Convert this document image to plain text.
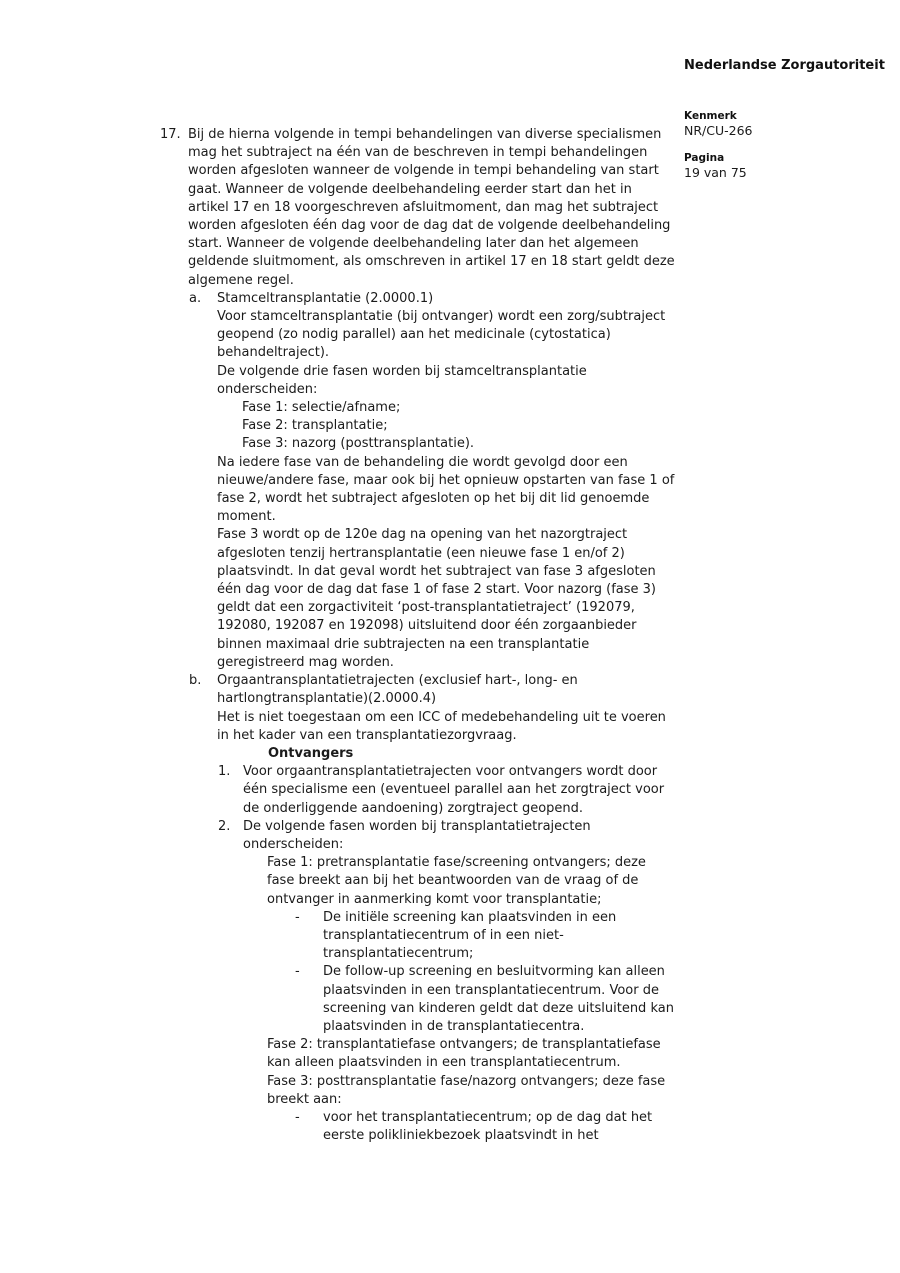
Nederlandse Zorgautoriteit
Kenmerk
NR/CU-266
Pagina
19 van 75
17. Bij de hierna volgende in tempi behandelingen van diverse specialismen mag het subtraject na één van de beschreven in tempi behandelingen worden afgesloten wanneer de volgende in tempi behandeling van start gaat. Wanneer de volgende deelbehandeling eerder start dan het in artikel 17 en 18 voorgeschreven afsluitmoment, dan mag het subtraject worden afgesloten één dag voor de dag dat de volgende deelbehandeling start. Wanneer de volgende deelbehandeling later dan het algemeen geldende sluitmoment, als omschreven in artikel 17 en 18 start geldt deze algemene regel.
a. Stamceltransplantatie (2.0000.1)
Voor stamceltransplantatie (bij ontvanger) wordt een zorg/subtraject geopend (zo nodig parallel) aan het medicinale (cytostatica) behandeltraject).
De volgende drie fasen worden bij stamceltransplantatie onderscheiden:
Fase 1: selectie/afname;
Fase 2: transplantatie;
Fase 3: nazorg (posttransplantatie).
Na iedere fase van de behandeling die wordt gevolgd door een nieuwe/andere fase, maar ook bij het opnieuw opstarten van fase 1 of fase 2, wordt het subtraject afgesloten op het bij dit lid genoemde moment.
Fase 3 wordt op de 120e dag na opening van het nazorgtraject afgesloten tenzij hertransplantatie (een nieuwe fase 1 en/of 2) plaatsvindt. In dat geval wordt het subtraject van fase 3 afgesloten één dag voor de dag dat fase 1 of fase 2 start. Voor nazorg (fase 3) geldt dat een zorgactiviteit ‘post-transplantatietraject’ (192079, 192080, 192087 en 192098) uitsluitend door één zorgaanbieder binnen maximaal drie subtrajecten na een transplantatie geregistreerd mag worden.
b. Orgaantransplantatietrajecten (exclusief hart-, long- en hartlongtransplantatie)(2.0000.4)
Het is niet toegestaan om een ICC of medebehandeling uit te voeren in het kader van een transplantatiezorgvraag.
Ontvangers
1. Voor orgaantransplantatietrajecten voor ontvangers wordt door één specialisme een (eventueel parallel aan het zorgtraject voor de onderliggende aandoening) zorgtraject geopend.
2. De volgende fasen worden bij transplantatietrajecten onderscheiden:
Fase 1: pretransplantatie fase/screening ontvangers; deze fase breekt aan bij het beantwoorden van de vraag of de ontvanger in aanmerking komt voor transplantatie;
- De initiële screening kan plaatsvinden in een transplantatiecentrum of in een niet-transplantatiecentrum;
- De follow-up screening en besluitvorming kan alleen plaatsvinden in een transplantatiecentrum. Voor de screening van kinderen geldt dat deze uitsluitend kan plaatsvinden in de transplantatiecentra.
Fase 2: transplantatiefase ontvangers; de transplantatiefase kan alleen plaatsvinden in een transplantatiecentrum.
Fase 3: posttransplantatie fase/nazorg ontvangers; deze fase breekt aan:
- voor het transplantatiecentrum; op de dag dat het eerste polikliniekbezoek plaatsvindt in het
